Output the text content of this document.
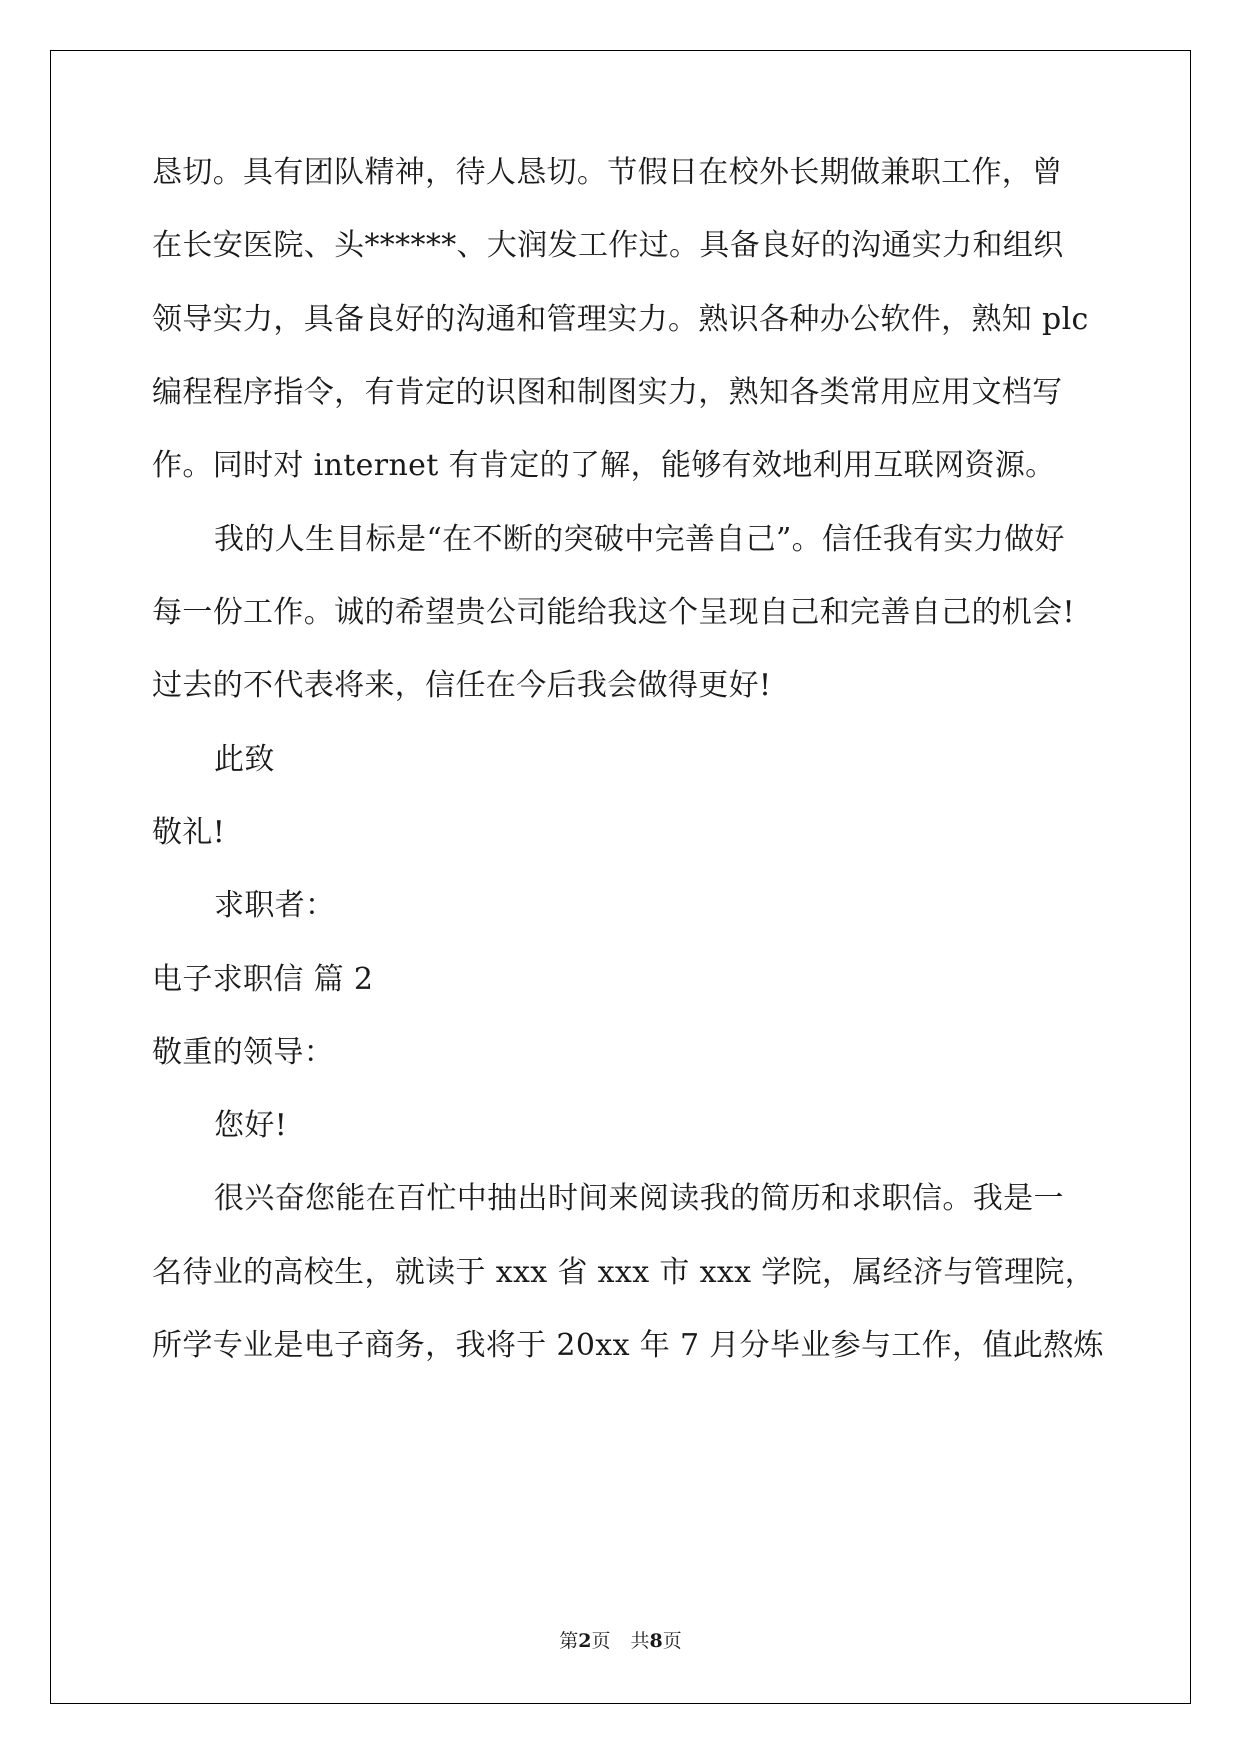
恳切。具有团队精神，待人恳切。节假日在校外长期做兼职工作，曾
在长安医院、头******、大润发工作过。具备良好的沟通实力和组织
领导实力，具备良好的沟通和管理实力。熟识各种办公软件，熟知 plc
编程程序指令，有肯定的识图和制图实力，熟知各类常用应用文档写
作。同时对 internet 有肯定的了解，能够有效地利用互联网资源。
我的人生目标是“在不断的突破中完善自己”。信任我有实力做好
每一份工作。诚的希望贵公司能给我这个呈现自己和完善自己的机会!
过去的不代表将来，信任在今后我会做得更好!
此致
敬礼!
求职者：
电子求职信 篇 2
敬重的领导：
您好!
很兴奋您能在百忙中抽出时间来阅读我的简历和求职信。我是一
名待业的高校生，就读于 xxx 省 xxx 市 xxx 学院，属经济与管理院，
所学专业是电子商务，我将于 20xx 年 7 月分毕业参与工作，值此熬炼
第2页 共8页
